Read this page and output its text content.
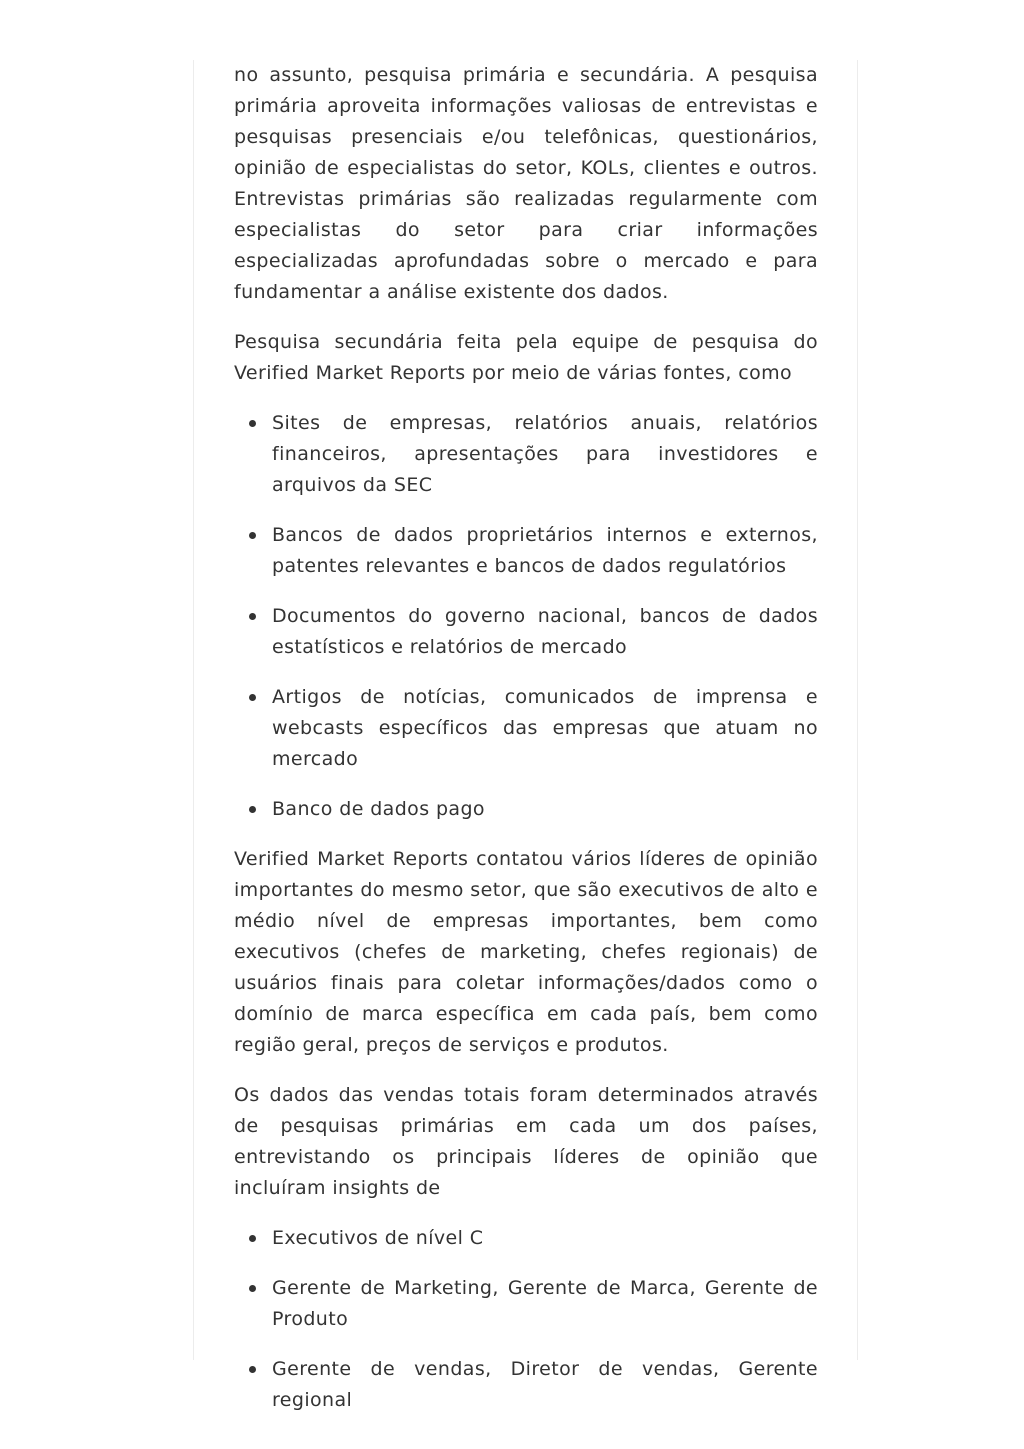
no assunto, pesquisa primária e secundária. A pesquisa primária aproveita informações valiosas de entrevistas e pesquisas presenciais e/ou telefônicas, questionários, opinião de especialistas do setor, KOLs, clientes e outros. Entrevistas primárias são realizadas regularmente com especialistas do setor para criar informações especializadas aprofundadas sobre o mercado e para fundamentar a análise existente dos dados.

Pesquisa secundária feita pela equipe de pesquisa do Verified Market Reports por meio de várias fontes, como

Sites de empresas, relatórios anuais, relatórios financeiros, apresentações para investidores e arquivos da SEC
Bancos de dados proprietários internos e externos, patentes relevantes e bancos de dados regulatórios
Documentos do governo nacional, bancos de dados estatísticos e relatórios de mercado
Artigos de notícias, comunicados de imprensa e webcasts específicos das empresas que atuam no mercado
Banco de dados pago

Verified Market Reports contatou vários líderes de opinião importantes do mesmo setor, que são executivos de alto e médio nível de empresas importantes, bem como executivos (chefes de marketing, chefes regionais) de usuários finais para coletar informações/dados como o domínio de marca específica em cada país, bem como região geral, preços de serviços e produtos.

Os dados das vendas totais foram determinados através de pesquisas primárias em cada um dos países, entrevistando os principais líderes de opinião que incluíram insights de

Executivos de nível C
Gerente de Marketing, Gerente de Marca, Gerente de Produto
Gerente de vendas, Diretor de vendas, Gerente regional
